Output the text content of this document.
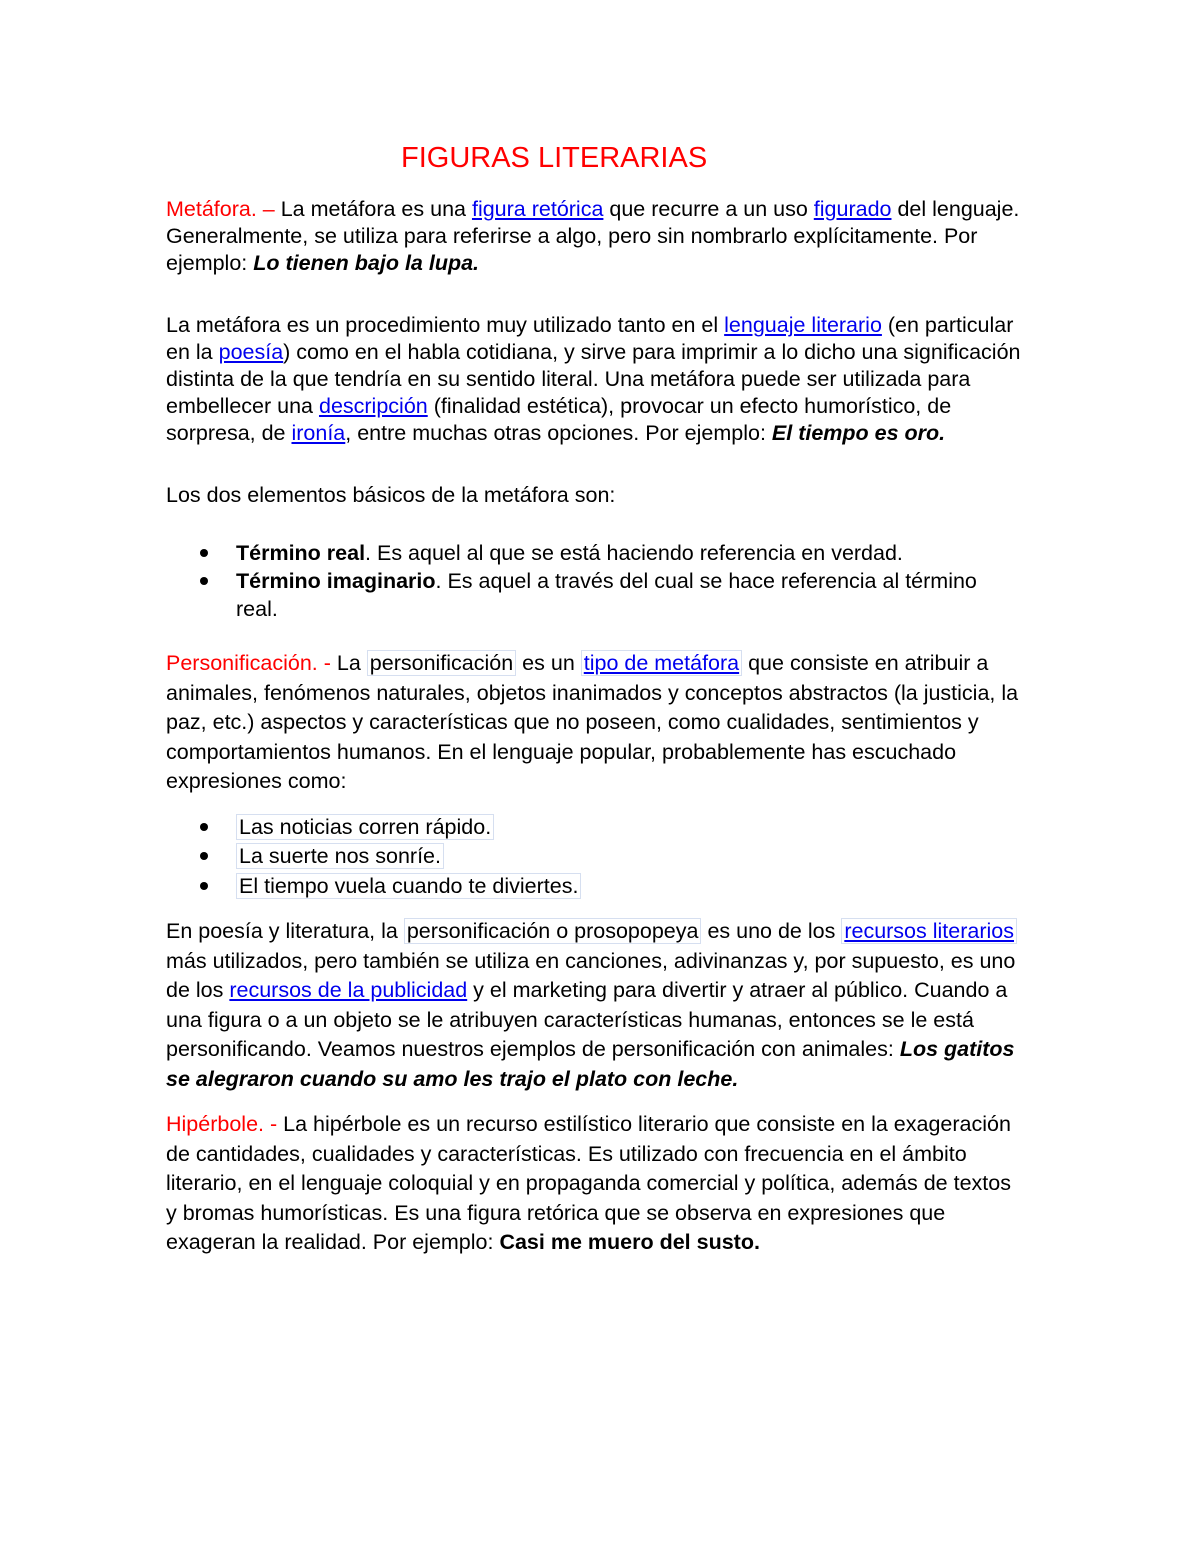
FIGURAS LITERARIAS

Metáfora. – La metáfora es una figura retórica que recurre a un uso figurado del lenguaje. Generalmente, se utiliza para referirse a algo, pero sin nombrarlo explícitamente. Por ejemplo: Lo tienen bajo la lupa.

La metáfora es un procedimiento muy utilizado tanto en el lenguaje literario (en particular en la poesía) como en el habla cotidiana, y sirve para imprimir a lo dicho una significación distinta de la que tendría en su sentido literal. Una metáfora puede ser utilizada para embellecer una descripción (finalidad estética), provocar un efecto humorístico, de sorpresa, de ironía, entre muchas otras opciones. Por ejemplo: El tiempo es oro.

Los dos elementos básicos de la metáfora son:

Término real. Es aquel al que se está haciendo referencia en verdad.
Término imaginario. Es aquel a través del cual se hace referencia al término real.

Personificación. - La personificación es un tipo de metáfora que consiste en atribuir a animales, fenómenos naturales, objetos inanimados y conceptos abstractos (la justicia, la paz, etc.) aspectos y características que no poseen, como cualidades, sentimientos y comportamientos humanos. En el lenguaje popular, probablemente has escuchado expresiones como:

Las noticias corren rápido.
La suerte nos sonríe.
El tiempo vuela cuando te diviertes.

En poesía y literatura, la personificación o prosopopeya es uno de los recursos literarios más utilizados, pero también se utiliza en canciones, adivinanzas y, por supuesto, es uno de los recursos de la publicidad y el marketing para divertir y atraer al público. Cuando a una figura o a un objeto se le atribuyen características humanas, entonces se le está personificando. Veamos nuestros ejemplos de personificación con animales: Los gatitos se alegraron cuando su amo les trajo el plato con leche.

Hipérbole. - La hipérbole es un recurso estilístico literario que consiste en la exageración de cantidades, cualidades y características. Es utilizado con frecuencia en el ámbito literario, en el lenguaje coloquial y en propaganda comercial y política, además de textos y bromas humorísticas. Es una figura retórica que se observa en expresiones que exageran la realidad. Por ejemplo: Casi me muero del susto.
